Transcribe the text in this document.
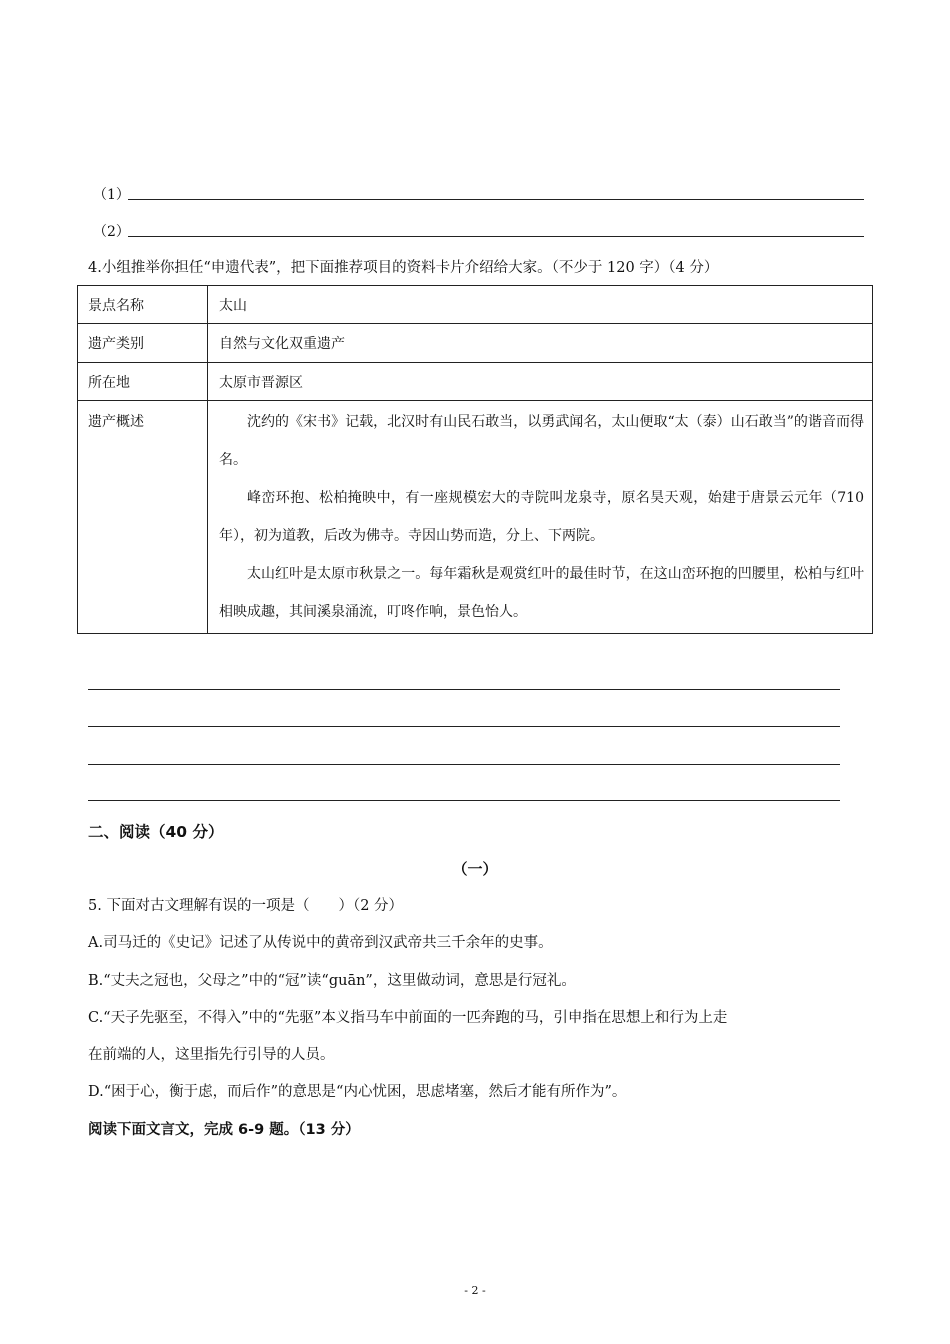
（1）
（2）
4.小组推举你担任“申遗代表”，把下面推荐项目的资料卡片介绍给大家。（不少于 120 字）（4 分）
景点名称	太山
遗产类别	自然与文化双重遗产
所在地	太原市晋源区
遗产概述	沈约的《宋书》记载，北汉时有山民石敢当，以勇武闻名，太山便取“太（泰）山石敢当”的谐音而得名。

峰峦环抱、松柏掩映中，有一座规模宏大的寺院叫龙泉寺，原名昊天观，始建于唐景云元年（710 年），初为道教，后改为佛寺。寺因山势而造，分上、下两院。

太山红叶是太原市秋景之一。每年霜秋是观赏红叶的最佳时节，在这山峦环抱的凹腰里，松柏与红叶相映成趣，其间溪泉涌流，叮咚作响，景色怡人。

二、阅读（40 分）
（一）
5. 下面对古文理解有误的一项是（　　）（2 分）
A.司马迁的《史记》记述了从传说中的黄帝到汉武帝共三千余年的史事。
B.“丈夫之冠也，父母之”中的“冠”读“guān”，这里做动词，意思是行冠礼。
C.“天子先驱至，不得入”中的“先驱”本义指马车中前面的一匹奔跑的马，引申指在思想上和行为上走
在前端的人，这里指先行引导的人员。
D.“困于心，衡于虑，而后作”的意思是“内心忧困，思虑堵塞，然后才能有所作为”。
阅读下面文言文，完成 6-9 题。（13 分）
- 2 -
